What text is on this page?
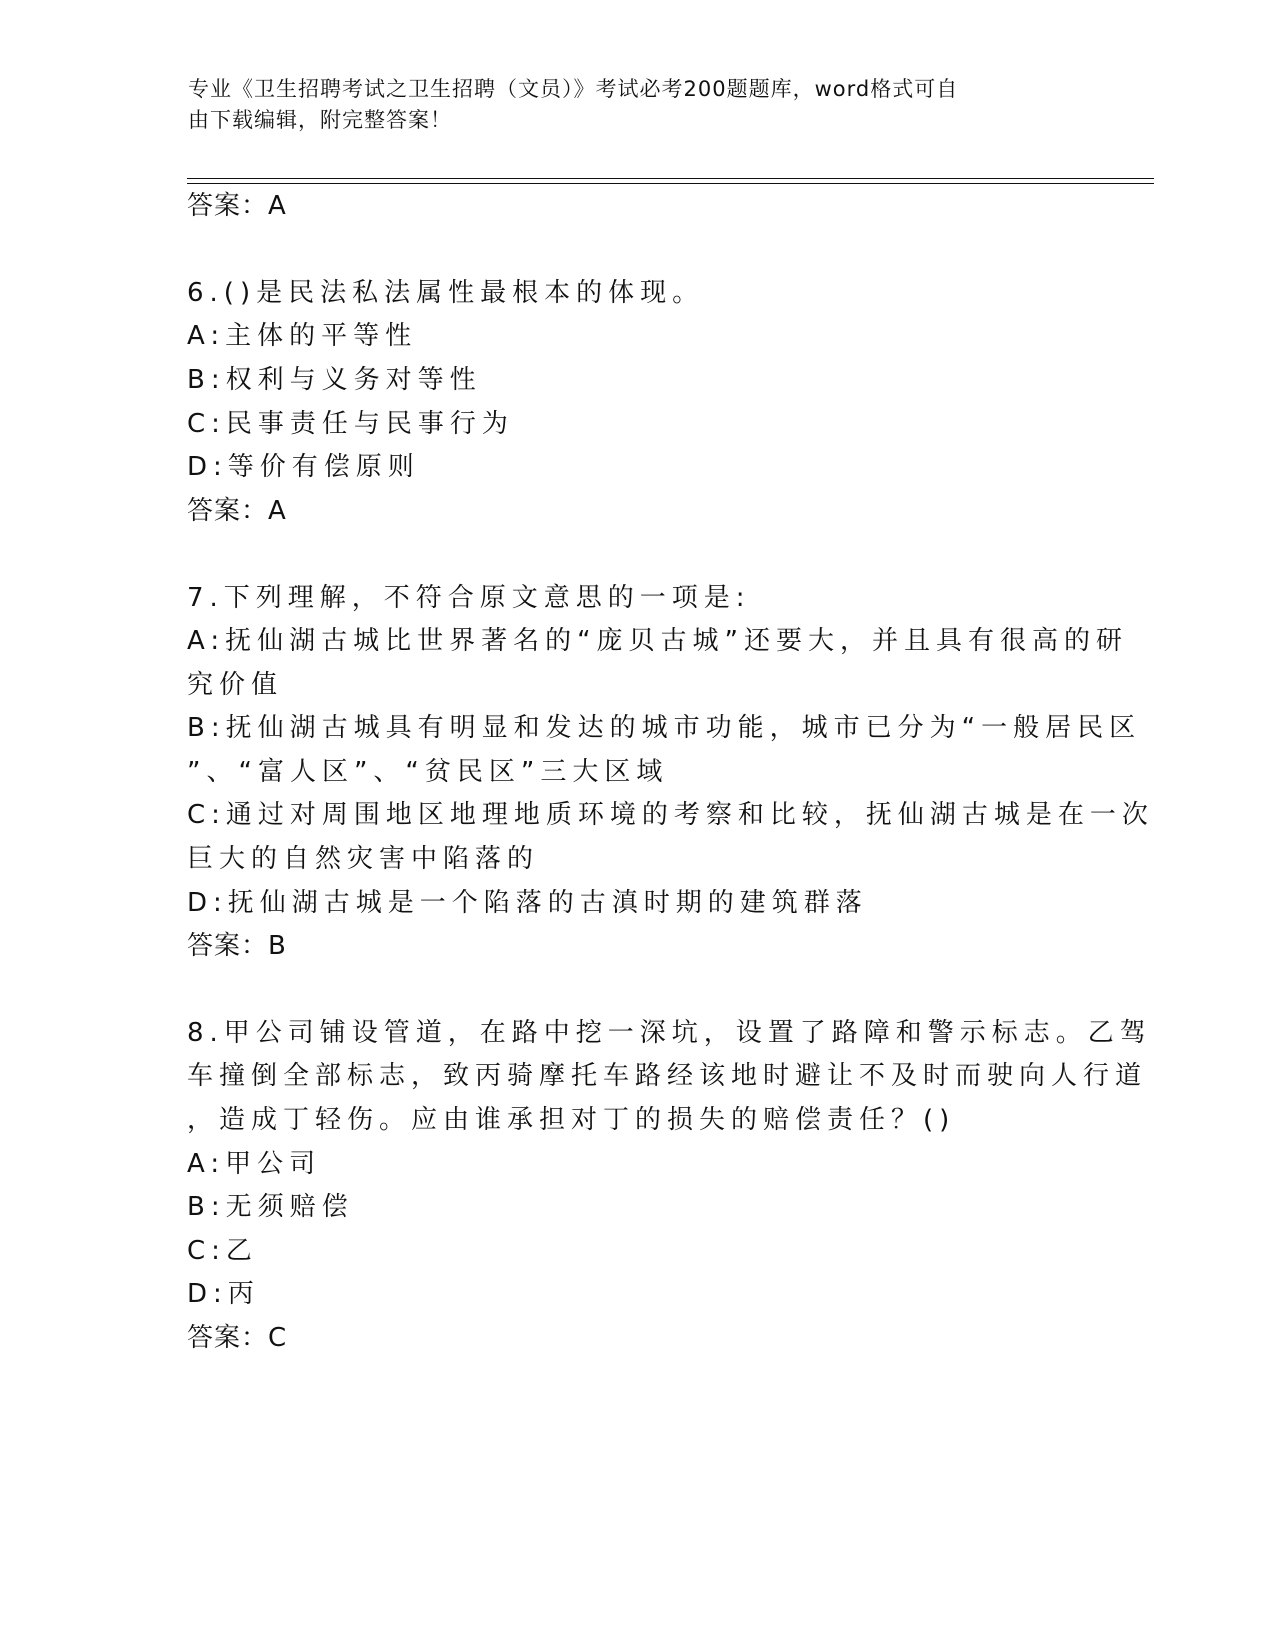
专业《卫生招聘考试之卫生招聘（文员）》考试必考200题题库，word格式可自
由下载编辑，附完整答案！
答案：A
6.()是民法私法属性最根本的体现。
A:主体的平等性
B:权利与义务对等性
C:民事责任与民事行为
D:等价有偿原则
答案：A
7.下列理解，不符合原文意思的一项是:
A:抚仙湖古城比世界著名的“庞贝古城”还要大，并且具有很高的研
究价值
B:抚仙湖古城具有明显和发达的城市功能，城市已分为“一般居民区
”、“富人区”、“贫民区”三大区域
C:通过对周围地区地理地质环境的考察和比较，抚仙湖古城是在一次
巨大的自然灾害中陷落的
D:抚仙湖古城是一个陷落的古滇时期的建筑群落
答案：B
8.甲公司铺设管道，在路中挖一深坑，设置了路障和警示标志。乙驾
车撞倒全部标志，致丙骑摩托车路经该地时避让不及时而驶向人行道
，造成丁轻伤。应由谁承担对丁的损失的赔偿责任？()
A:甲公司
B:无须赔偿
C:乙
D:丙
答案：C
